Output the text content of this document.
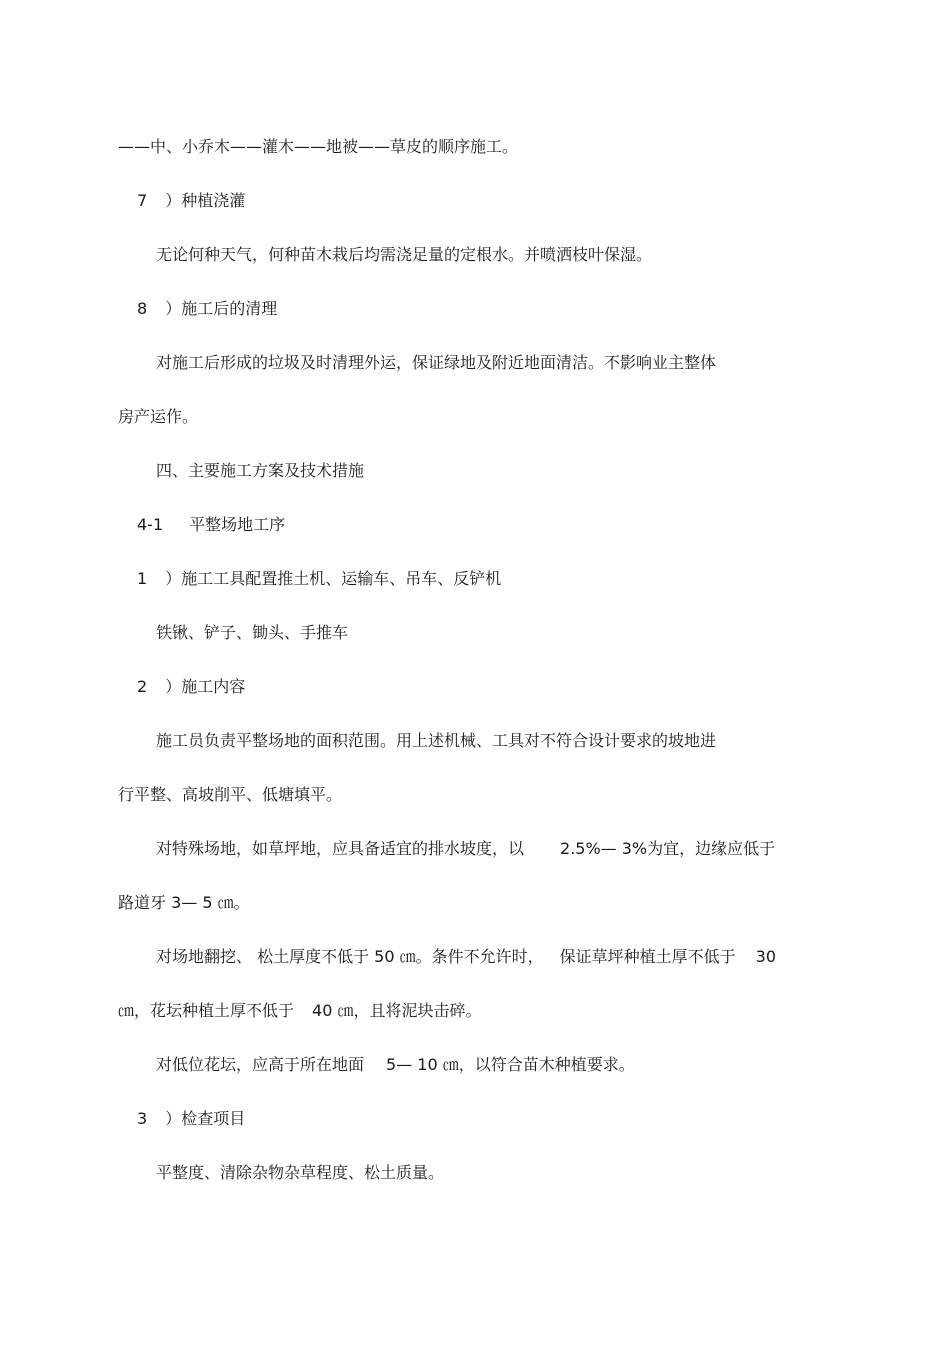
——中、小乔木——灌木——地被——草皮的顺序施工。

7 ）种植浇灌

无论何种天气，何种苗木栽后均需浇足量的定根水。并喷洒枝叶保湿。

8 ）施工后的清理

对施工后形成的垃圾及时清理外运，保证绿地及附近地面清洁。不影响业主整体

房产运作。

四、主要施工方案及技术措施

4-1 平整场地工序

1 ）施工工具配置推土机、运输车、吊车、反铲机

铁锹、铲子、锄头、手推车

2 ）施工内容

施工员负责平整场地的面积范围。用上述机械、工具对不符合设计要求的坡地进

行平整、高坡削平、低塘填平。

对特殊场地，如草坪地，应具备适宜的排水坡度，以 2.5%— 3%为宜，边缘应低于

路道牙 3— 5 ㎝。

对场地翻挖、 松土厚度不低于 50 ㎝。条件不允许时， 保证草坪种植土厚不低于 30

㎝，花坛种植土厚不低于 40 ㎝，且将泥块击碎。

对低位花坛，应高于所在地面 5— 10 ㎝，以符合苗木种植要求。

3 ）检查项目

平整度、清除杂物杂草程度、松土质量。
